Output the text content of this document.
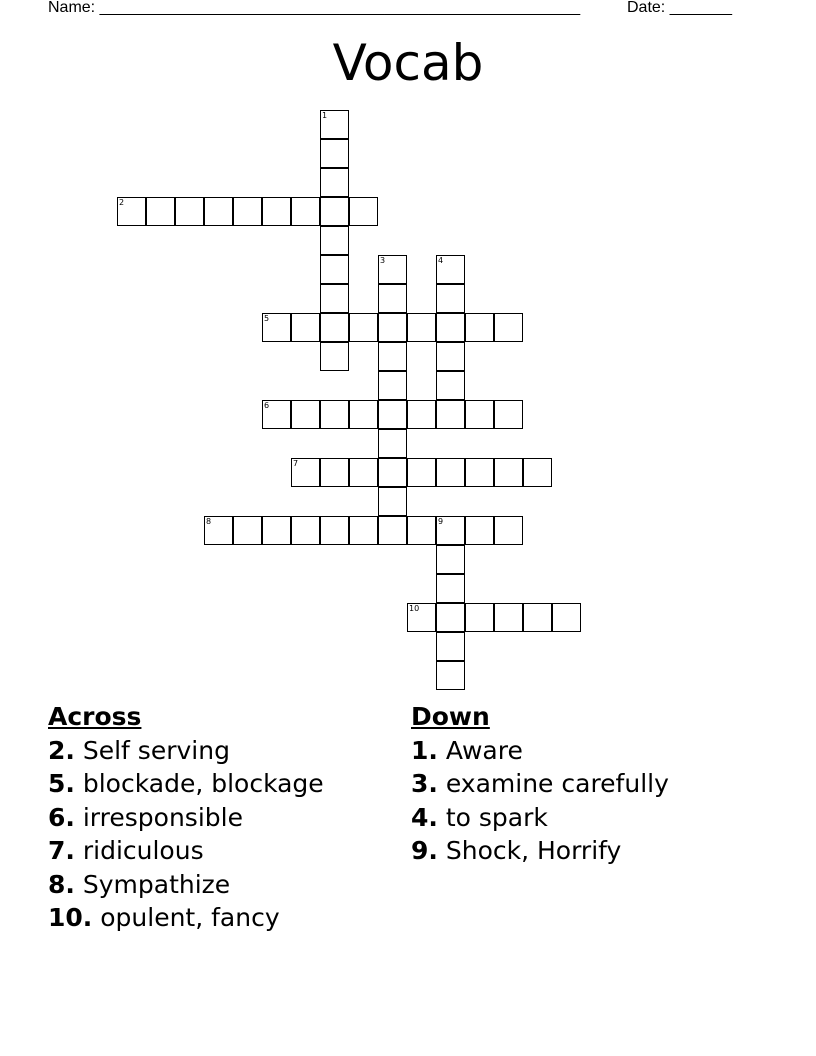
Name: ______________________________________________________	Date: _______
Vocab
1
2
3	4
5
6
7
8	9
10
Across
2. Self serving
5. blockade, blockage
6. irresponsible
7. ridiculous
8. Sympathize
10. opulent, fancy
Down
1. Aware
3. examine carefully
4. to spark
9. Shock, Horrify
